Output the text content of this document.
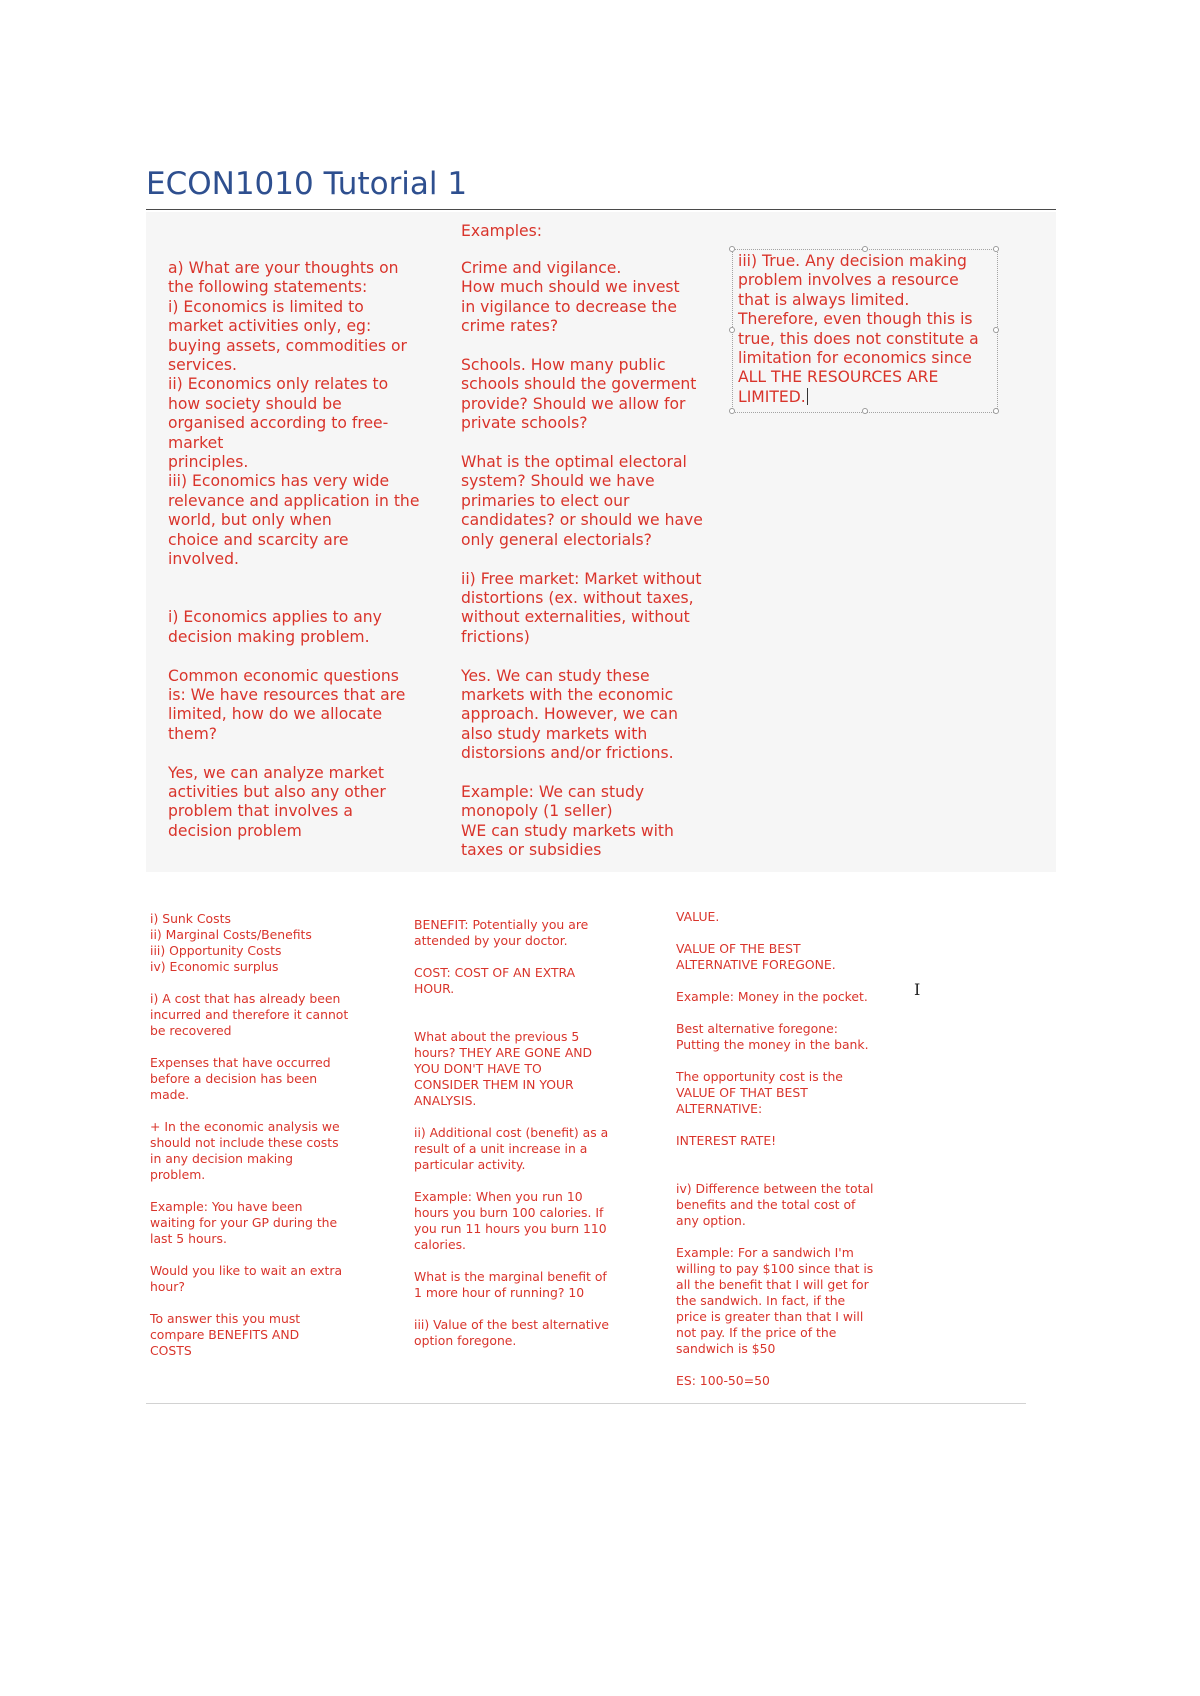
ECON1010 Tutorial 1
Examples:
a) What are your thoughts on
the following statements:
i) Economics is limited to
market activities only, eg:
buying assets, commodities or
services.
ii) Economics only relates to
how society should be
organised according to free-
market
principles.
iii) Economics has very wide
relevance and application in the
world, but only when
choice and scarcity are
involved.

i) Economics applies to any
decision making problem.

Common economic questions
is: We have resources that are
limited, how do we allocate
them?

Yes, we can analyze market
activities but also any other
problem that involves a
decision problem
Crime and vigilance.
How much should we invest
in vigilance to decrease the
crime rates?

Schools. How many public
schools should the goverment
provide? Should we allow for
private schools?

What is the optimal electoral
system? Should we have
primaries to elect our
candidates? or should we have
only general electorials?

ii) Free market: Market without
distortions (ex. without taxes,
without externalities, without
frictions)

Yes. We can study these
markets with the economic
approach. However, we can
also study markets with
distorsions and/or frictions.

Example: We can study
monopoly (1 seller)
WE can study markets with
taxes or subsidies
iii) True. Any decision making
problem involves a resource
that is always limited.
Therefore, even though this is
true, this does not constitute a
limitation for economics since
ALL THE RESOURCES ARE
LIMITED.
i) Sunk Costs
ii) Marginal Costs/Benefits
iii) Opportunity Costs
iv) Economic surplus

i) A cost that has already been
incurred and therefore it cannot
be recovered

Expenses that have occurred
before a decision has been
made.

+ In the economic analysis we
should not include these costs
in any decision making
problem.

Example: You have been
waiting for your GP during the
last 5 hours.

Would you like to wait an extra
hour?

To answer this you must
compare BENEFITS AND
COSTS
BENEFIT: Potentially you are
attended by your doctor.

COST: COST OF AN EXTRA
HOUR.

What about the previous 5
hours? THEY ARE GONE AND
YOU DON'T HAVE TO
CONSIDER THEM IN YOUR
ANALYSIS.

ii) Additional cost (benefit) as a
result of a unit increase in a
particular activity.

Example: When you run 10
hours you burn 100 calories. If
you run 11 hours you burn 110
calories.

What is the marginal benefit of
1 more hour of running? 10

iii) Value of the best alternative
option foregone.
VALUE.

VALUE OF THE BEST
ALTERNATIVE FOREGONE.

Example: Money in the pocket.

Best alternative foregone:
Putting the money in the bank.

The opportunity cost is the
VALUE OF THAT BEST
ALTERNATIVE:

INTEREST RATE!

iv) Difference between the total
benefits and the total cost of
any option.

Example: For a sandwich I'm
willing to pay $100 since that is
all the benefit that I will get for
the sandwich. In fact, if the
price is greater than that I will
not pay. If the price of the
sandwich is $50

ES: 100-50=50
I
